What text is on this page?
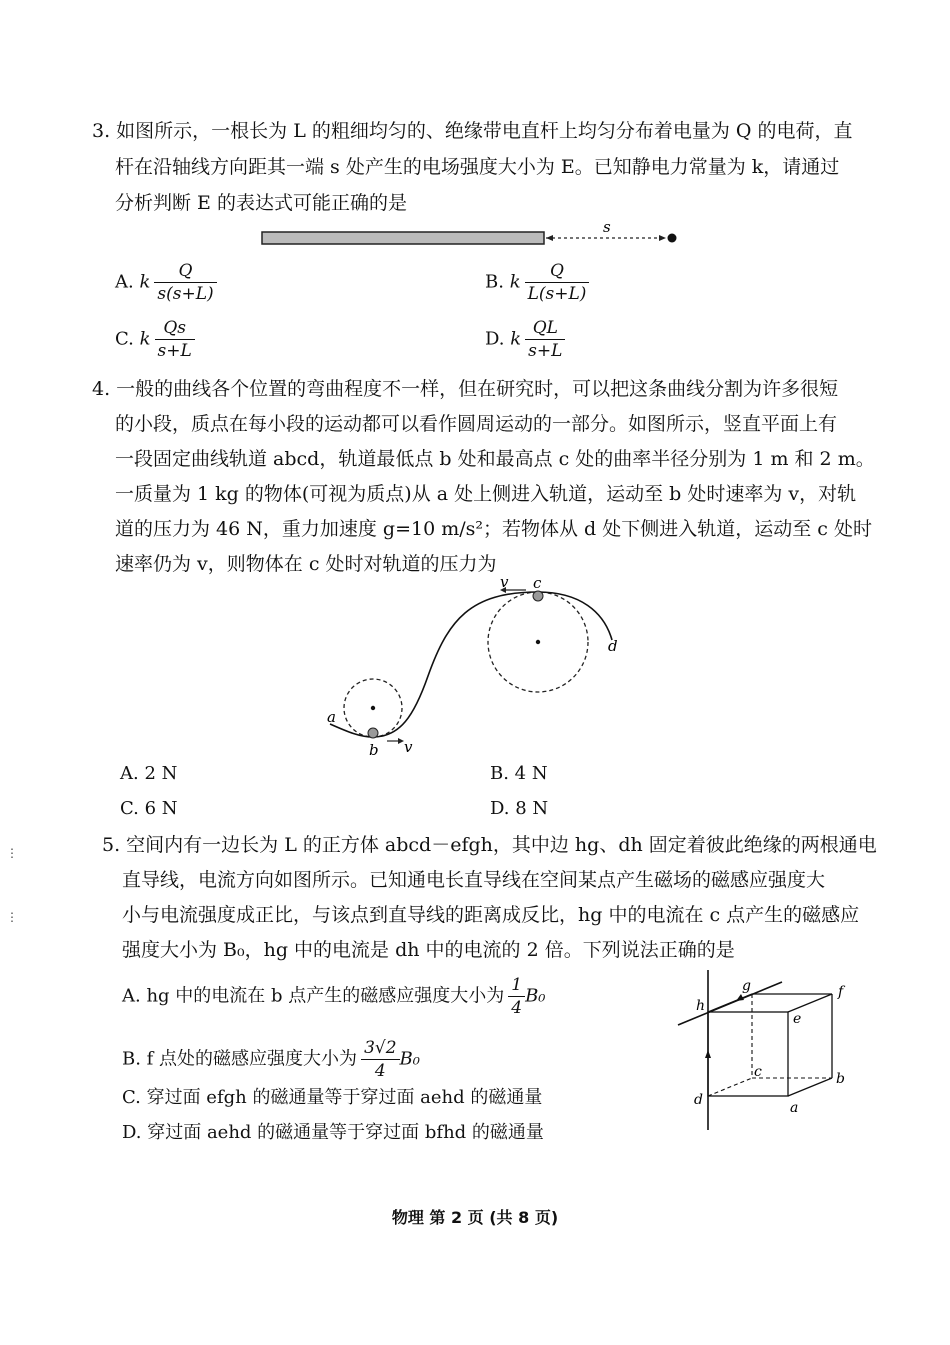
3. 如图所示，一根长为 L 的粗细均匀的、绝缘带电直杆上均匀分布着电量为 Q 的电荷，直
杆在沿轴线方向距其一端 s 处产生的电场强度大小为 E。已知静电力常量为 k，请通过
分析判断 E 的表达式可能正确的是
s
A. k $\frac{Q}{s(s+L)}$	B. k $\frac{Q}{L(s+L)}$
C. k $\frac{Qs}{s+L}$	D. k $\frac{QL}{s+L}$
4. 一般的曲线各个位置的弯曲程度不一样，但在研究时，可以把这条曲线分割为许多很短
的小段，质点在每小段的运动都可以看作圆周运动的一部分。如图所示，竖直平面上有
一段固定曲线轨道 abcd，轨道最低点 b 处和最高点 c 处的曲率半径分别为 1 m 和 2 m。
一质量为 1 kg 的物体(可视为质点)从 a 处上侧进入轨道，运动至 b 处时速率为 v，对轨
道的压力为 46 N，重力加速度 g=10 m/s²；若物体从 d 处下侧进入轨道，运动至 c 处时
速率仍为 v，则物体在 c 处时对轨道的压力为
a
b
c
d
v
v
A. 2 N	B. 4 N
C. 6 N	D. 8 N
5. 空间内有一边长为 L 的正方体 abcd－efgh，其中边 hg、dh 固定着彼此绝缘的两根通电
直导线，电流方向如图所示。已知通电长直导线在空间某点产生磁场的磁感应强度大
小与电流强度成正比，与该点到直导线的距离成反比，hg 中的电流在 c 点产生的磁感应
强度大小为 B₀，hg 中的电流是 dh 中的电流的 2 倍。下列说法正确的是
A. hg 中的电流在 b 点产生的磁感应强度大小为 $\frac{1}{4} B_0$
B. f 点处的磁感应强度大小为 $\frac{3√2}{4} B_0$
C. 穿过面 efgh 的磁通量等于穿过面 aehd 的磁通量
D. 穿过面 aehd 的磁通量等于穿过面 bfhd 的磁通量
h
g	f
e
c	b
d	a
⋮
⋮
物理 第 2 页 (共 8 页)
